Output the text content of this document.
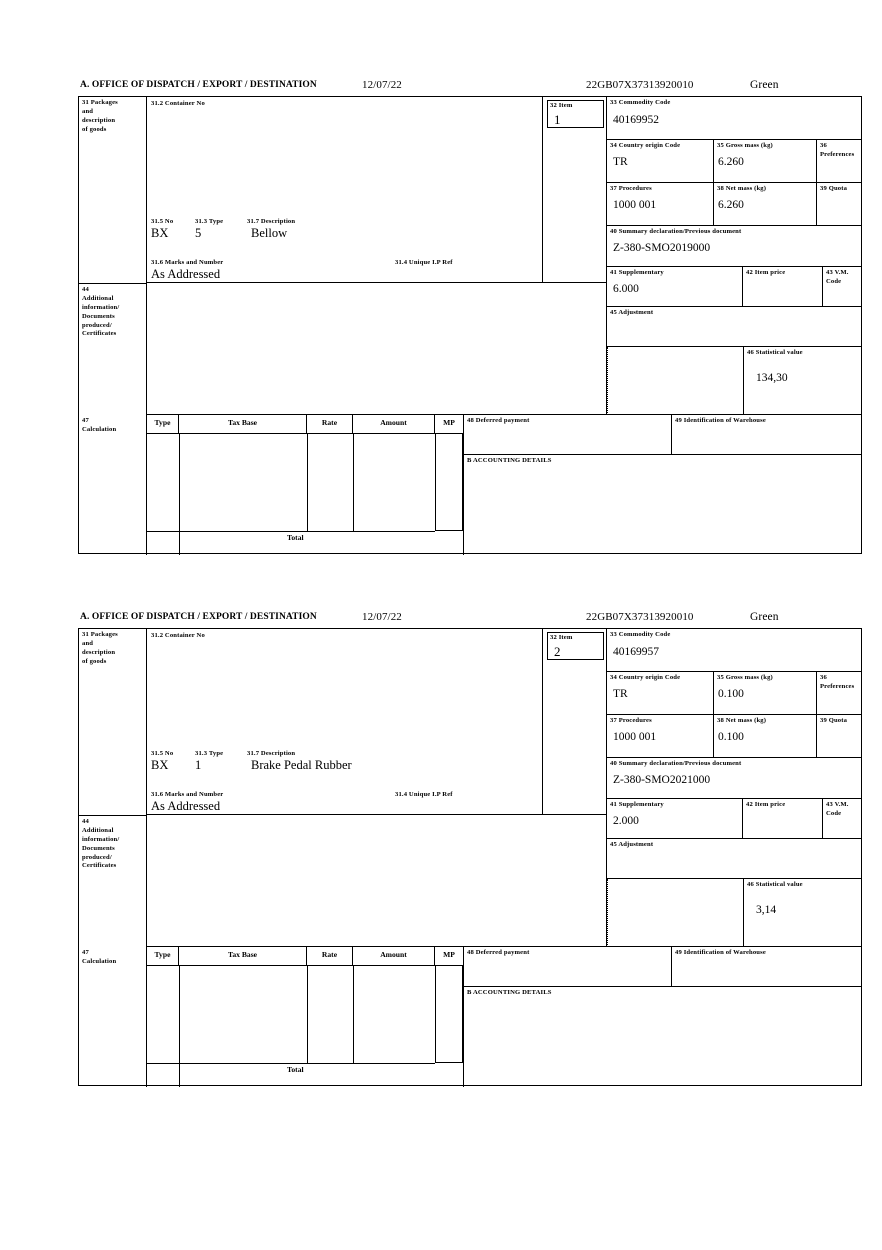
A. OFFICE OF DISPATCH / EXPORT / DESTINATION	12/07/22	22GB07X37313920010	Green
31 Packages
and
description
of goods
31.2 Container No
31.5 No	31.3 Type	31.7 Description
BX 5	Bellow
31.6 Marks and Number	31.4 Unique I.P Ref
As Addressed
32 Item
1
33 Commodity Code
40169952
34 Country origin Code
TR
35 Gross mass (kg)
6.260
36 Preferences
37 Procedures
1000 001
38 Net mass (kg)
6.260
39 Quota
40 Summary declaration/Previous document
Z-380-SMO2019000
41 Supplementary
6.000
42 Item price	43 V.M. Code
45 Adjustment
46 Statistical value
134,30
44
Additional
information/
Documents
produced/
Certificates
47
Calculation
Type	Tax Base	Rate	Amount	MP
Total
48 Deferred payment	49 Identification of Warehouse
B ACCOUNTING DETAILS
A. OFFICE OF DISPATCH / EXPORT / DESTINATION	12/07/22	22GB07X37313920010	Green
31 Packages
and
description
of goods
31.2 Container No
31.5 No	31.3 Type	31.7 Description
BX 1	Brake Pedal Rubber
31.6 Marks and Number	31.4 Unique I.P Ref
As Addressed
32 Item
2
33 Commodity Code
40169957
34 Country origin Code
TR
35 Gross mass (kg)
0.100
36 Preferences
37 Procedures
1000 001
38 Net mass (kg)
0.100
39 Quota
40 Summary declaration/Previous document
Z-380-SMO2021000
41 Supplementary
2.000
42 Item price	43 V.M. Code
45 Adjustment
46 Statistical value
3,14
44
Additional
information/
Documents
produced/
Certificates
47
Calculation
Type	Tax Base	Rate	Amount	MP
Total
48 Deferred payment	49 Identification of Warehouse
B ACCOUNTING DETAILS
